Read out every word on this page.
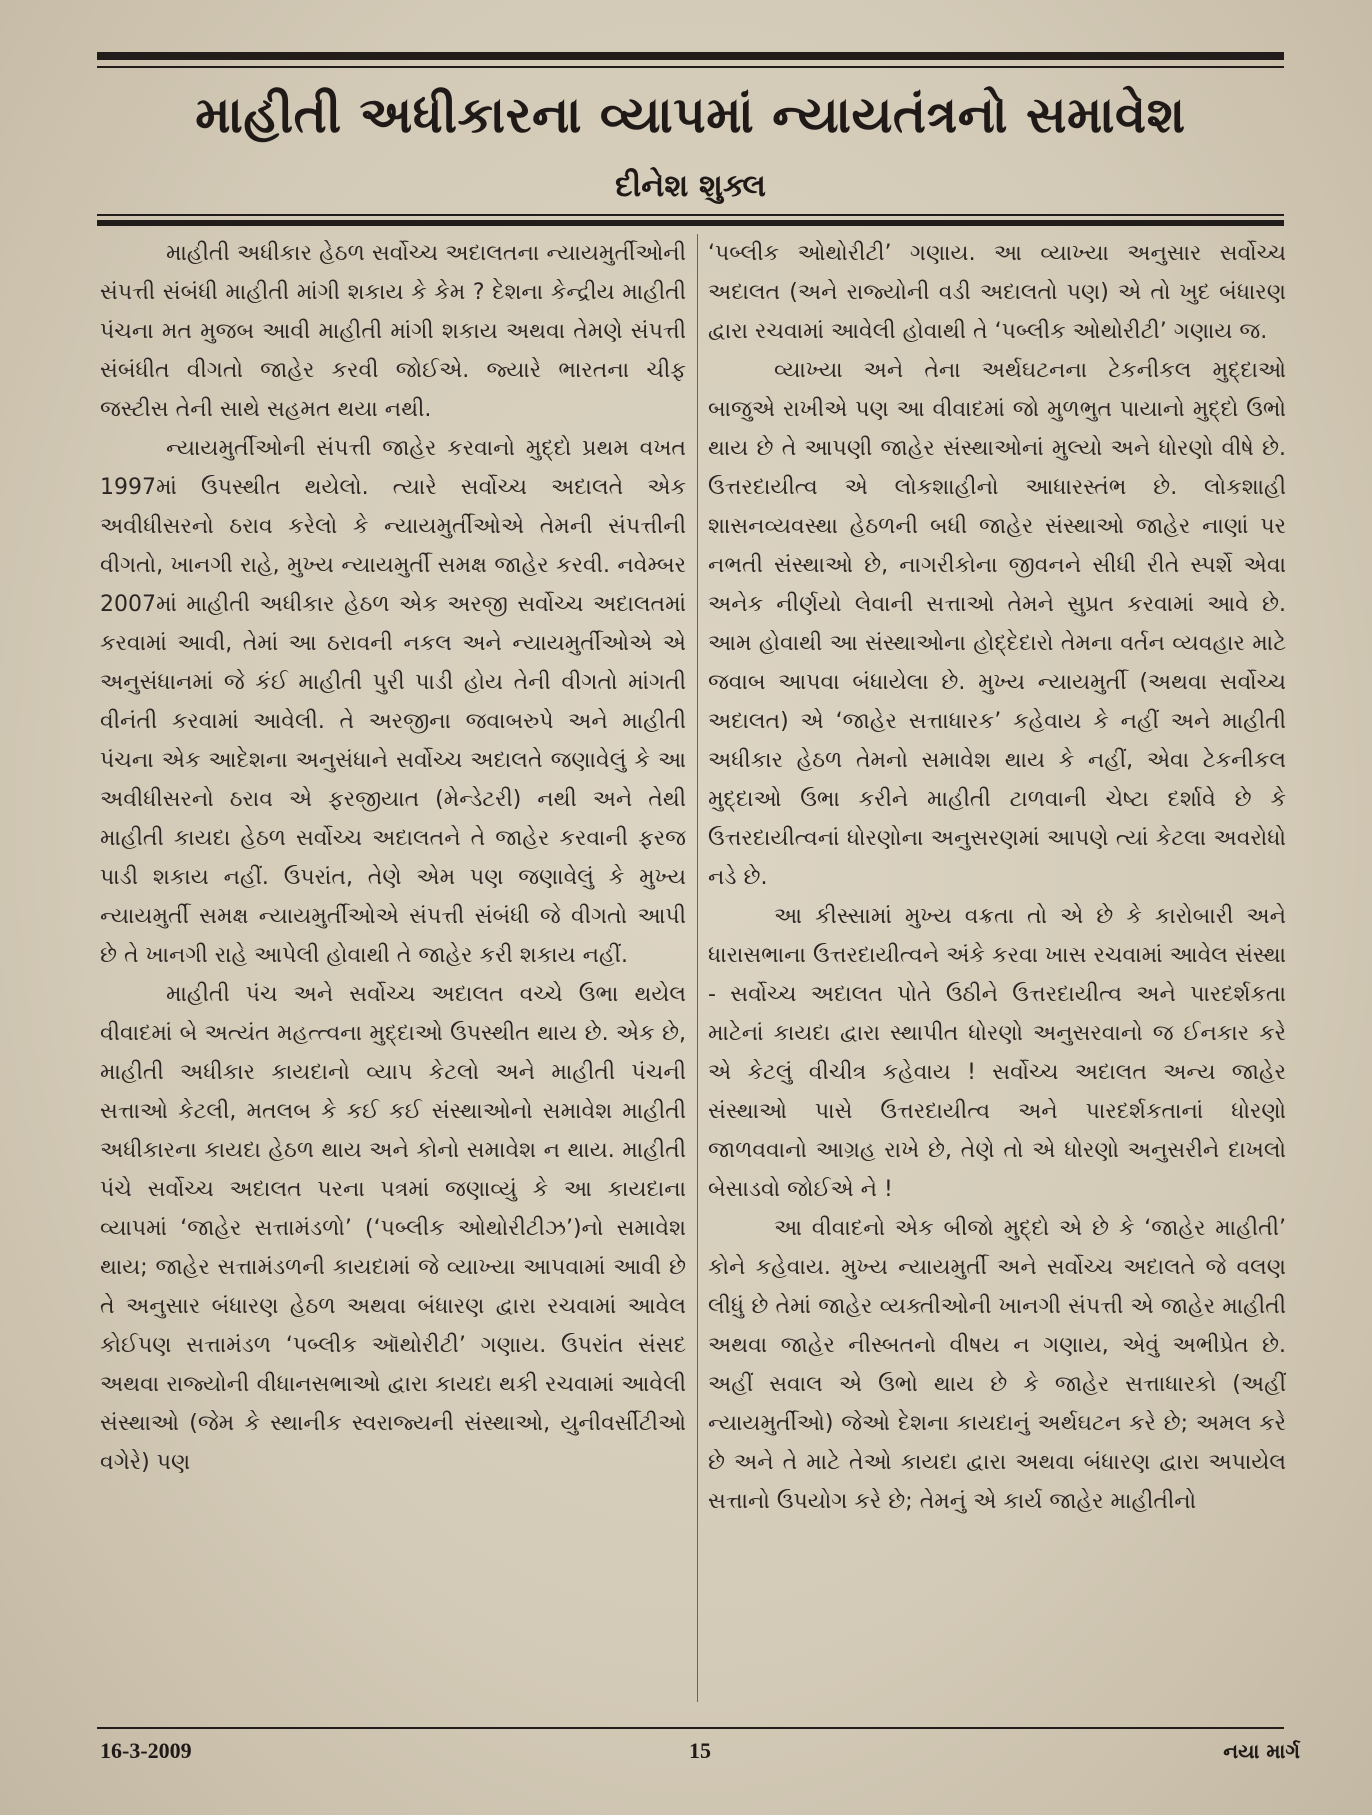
માહીતી અધીકારના વ્યાપમાં ન્યાયતંત્રનો સમાવેશ
દીનેશ શુક્લ

માહીતી અધીકાર હેઠળ સર્વોચ્ચ અદાલતના ન્યાયમુર્તીઓની સંપત્તી સંબંધી માહીતી માંગી શકાય કે કેમ ? દેશના કેન્દ્રીય માહીતી પંચના મત મુજબ આવી માહીતી માંગી શકાય અથવા તેમણે સંપત્તી સંબંધીત વીગતો જાહેર કરવી જોઈએ. જ્યારે ભારતના ચીફ જસ્ટીસ તેની સાથે સહમત થયા નથી.

ન્યાયમુર્તીઓની સંપત્તી જાહેર કરવાનો મુદ્દો પ્રથમ વખત 1997માં ઉપસ્થીત થયેલો. ત્યારે સર્વોચ્ચ અદાલતે એક અવીધીસરનો ઠરાવ કરેલો કે ન્યાયમુર્તીઓએ તેમની સંપત્તીની વીગતો, ખાનગી રાહે, મુખ્ય ન્યાયમુર્તી સમક્ષ જાહેર કરવી. નવેમ્બર 2007માં માહીતી અધીકાર હેઠળ એક અરજી સર્વોચ્ચ અદાલતમાં કરવામાં આવી, તેમાં આ ઠરાવની નકલ અને ન્યાયમુર્તીઓએ એ અનુસંધાનમાં જે કંઈ માહીતી પુરી પાડી હોય તેની વીગતો માંગતી વીનંતી કરવામાં આવેલી. તે અરજીના જવાબરુપે અને માહીતી પંચના એક આદેશના અનુસંધાને સર્વોચ્ચ અદાલતે જણાવેલું કે આ અવીધીસરનો ઠરાવ એ ફરજીયાત (મેન્ડેટરી) નથી અને તેથી માહીતી કાયદા હેઠળ સર્વોચ્ચ અદાલતને તે જાહેર કરવાની ફરજ પાડી શકાય નહીં. ઉપરાંત, તેણે એમ પણ જણાવેલું કે મુખ્ય ન્યાયમુર્તી સમક્ષ ન્યાયમુર્તીઓએ સંપત્તી સંબંધી જે વીગતો આપી છે તે ખાનગી રાહે આપેલી હોવાથી તે જાહેર કરી શકાય નહીં.

માહીતી પંચ અને સર્વોચ્ચ અદાલત વચ્ચે ઉભા થયેલ વીવાદમાં બે અત્યંત મહત્ત્વના મુદ્દાઓ ઉપસ્થીત થાય છે. એક છે, માહીતી અધીકાર કાયદાનો વ્યાપ કેટલો અને માહીતી પંચની સત્તાઓ કેટલી, મતલબ કે કઈ કઈ સંસ્થાઓનો સમાવેશ માહીતી અધીકારના કાયદા હેઠળ થાય અને કોનો સમાવેશ ન થાય. માહીતી પંચે સર્વોચ્ચ અદાલત પરના પત્રમાં જણાવ્યું કે આ કાયદાના વ્યાપમાં ‘જાહેર સત્તામંડળો’ (‘પબ્લીક ઓથોરીટીઝ’)નો સમાવેશ થાય; જાહેર સત્તામંડળની કાયદામાં જે વ્યાખ્યા આપવામાં આવી છે તે અનુસાર બંધારણ હેઠળ અથવા બંધારણ દ્વારા રચવામાં આવેલ કોઈપણ સત્તામંડળ ‘પબ્લીક ઑથોરીટી’ ગણાય. ઉપરાંત સંસદ અથવા રાજ્યોની વીધાનસભાઓ દ્વારા કાયદા થકી રચવામાં આવેલી સંસ્થાઓ (જેમ કે સ્થાનીક સ્વરાજ્યની સંસ્થાઓ, યુનીવર્સીટીઓ વગેરે) પણ

‘પબ્લીક ઓથોરીટી’ ગણાય. આ વ્યાખ્યા અનુસાર સર્વોચ્ચ અદાલત (અને રાજ્યોની વડી અદાલતો પણ) એ તો ખુદ બંધારણ દ્વારા રચવામાં આવેલી હોવાથી તે ‘પબ્લીક ઓથોરીટી’ ગણાય જ.

વ્યાખ્યા અને તેના અર્થઘટનના ટેકનીકલ મુદ્દાઓ બાજુએ રાખીએ પણ આ વીવાદમાં જો મુળભુત પાયાનો મુદ્દો ઉભો થાય છે તે આપણી જાહેર સંસ્થાઓનાં મુલ્યો અને ધોરણો વીષે છે. ઉત્તરદાયીત્વ એ લોકશાહીનો આધારસ્તંભ છે. લોકશાહી શાસનવ્યવસ્થા હેઠળની બધી જાહેર સંસ્થાઓ જાહેર નાણાં પર નભતી સંસ્થાઓ છે, નાગરીકોના જીવનને સીધી રીતે સ્પર્શે એવા અનેક નીર્ણયો લેવાની સત્તાઓ તેમને સુપ્રત કરવામાં આવે છે. આમ હોવાથી આ સંસ્થાઓના હોદ્દેદારો તેમના વર્તન વ્યવહાર માટે જવાબ આપવા બંધાયેલા છે. મુખ્ય ન્યાયમુર્તી (અથવા સર્વોચ્ચ અદાલત) એ ‘જાહેર સત્તાધારક’ કહેવાય કે નહીં અને માહીતી અધીકાર હેઠળ તેમનો સમાવેશ થાય કે નહીં, એવા ટેકનીકલ મુદ્દાઓ ઉભા કરીને માહીતી ટાળવાની ચેષ્ટા દર્શાવે છે કે ઉત્તરદાયીત્વનાં ધોરણોના અનુસરણમાં આપણે ત્યાં કેટલા અવરોધો નડે છે.

આ કીસ્સામાં મુખ્ય વક્રતા તો એ છે કે કારોબારી અને ધારાસભાના ઉત્તરદાયીત્વને અંકે કરવા ખાસ રચવામાં આવેલ સંસ્થા - સર્વોચ્ચ અદાલત પોતે ઉઠીને ઉત્તરદાયીત્વ અને પારદર્શકતા માટેનાં કાયદા દ્વારા સ્થાપીત ધોરણો અનુસરવાનો જ ઈનકાર કરે એ કેટલું વીચીત્ર કહેવાય ! સર્વોચ્ચ અદાલત અન્ય જાહેર સંસ્થાઓ પાસે ઉત્તરદાયીત્વ અને પારદર્શકતાનાં ધોરણો જાળવવાનો આગ્રહ રાખે છે, તેણે તો એ ધોરણો અનુસરીને દાખલો બેસાડવો જોઈએ ને !

આ વીવાદનો એક બીજો મુદ્દો એ છે કે ‘જાહેર માહીતી’ કોને કહેવાય. મુખ્ય ન્યાયમુર્તી અને સર્વોચ્ચ અદાલતે જે વલણ લીધું છે તેમાં જાહેર વ્યક્તીઓની ખાનગી સંપત્તી એ જાહેર માહીતી અથવા જાહેર નીસ્બતનો વીષય ન ગણાય, એવું અભીપ્રેત છે. અહીં સવાલ એ ઉભો થાય છે કે જાહેર સત્તાધારકો (અહીં ન્યાયમુર્તીઓ) જેઓ દેશના કાયદાનું અર્થઘટન કરે છે; અમલ કરે છે અને તે માટે તેઓ કાયદા દ્વારા અથવા બંધારણ દ્વારા અપાયેલ સત્તાનો ઉપયોગ કરે છે; તેમનું એ કાર્ય જાહેર માહીતીનો

16-3-2009	15	નયા માર્ગ
